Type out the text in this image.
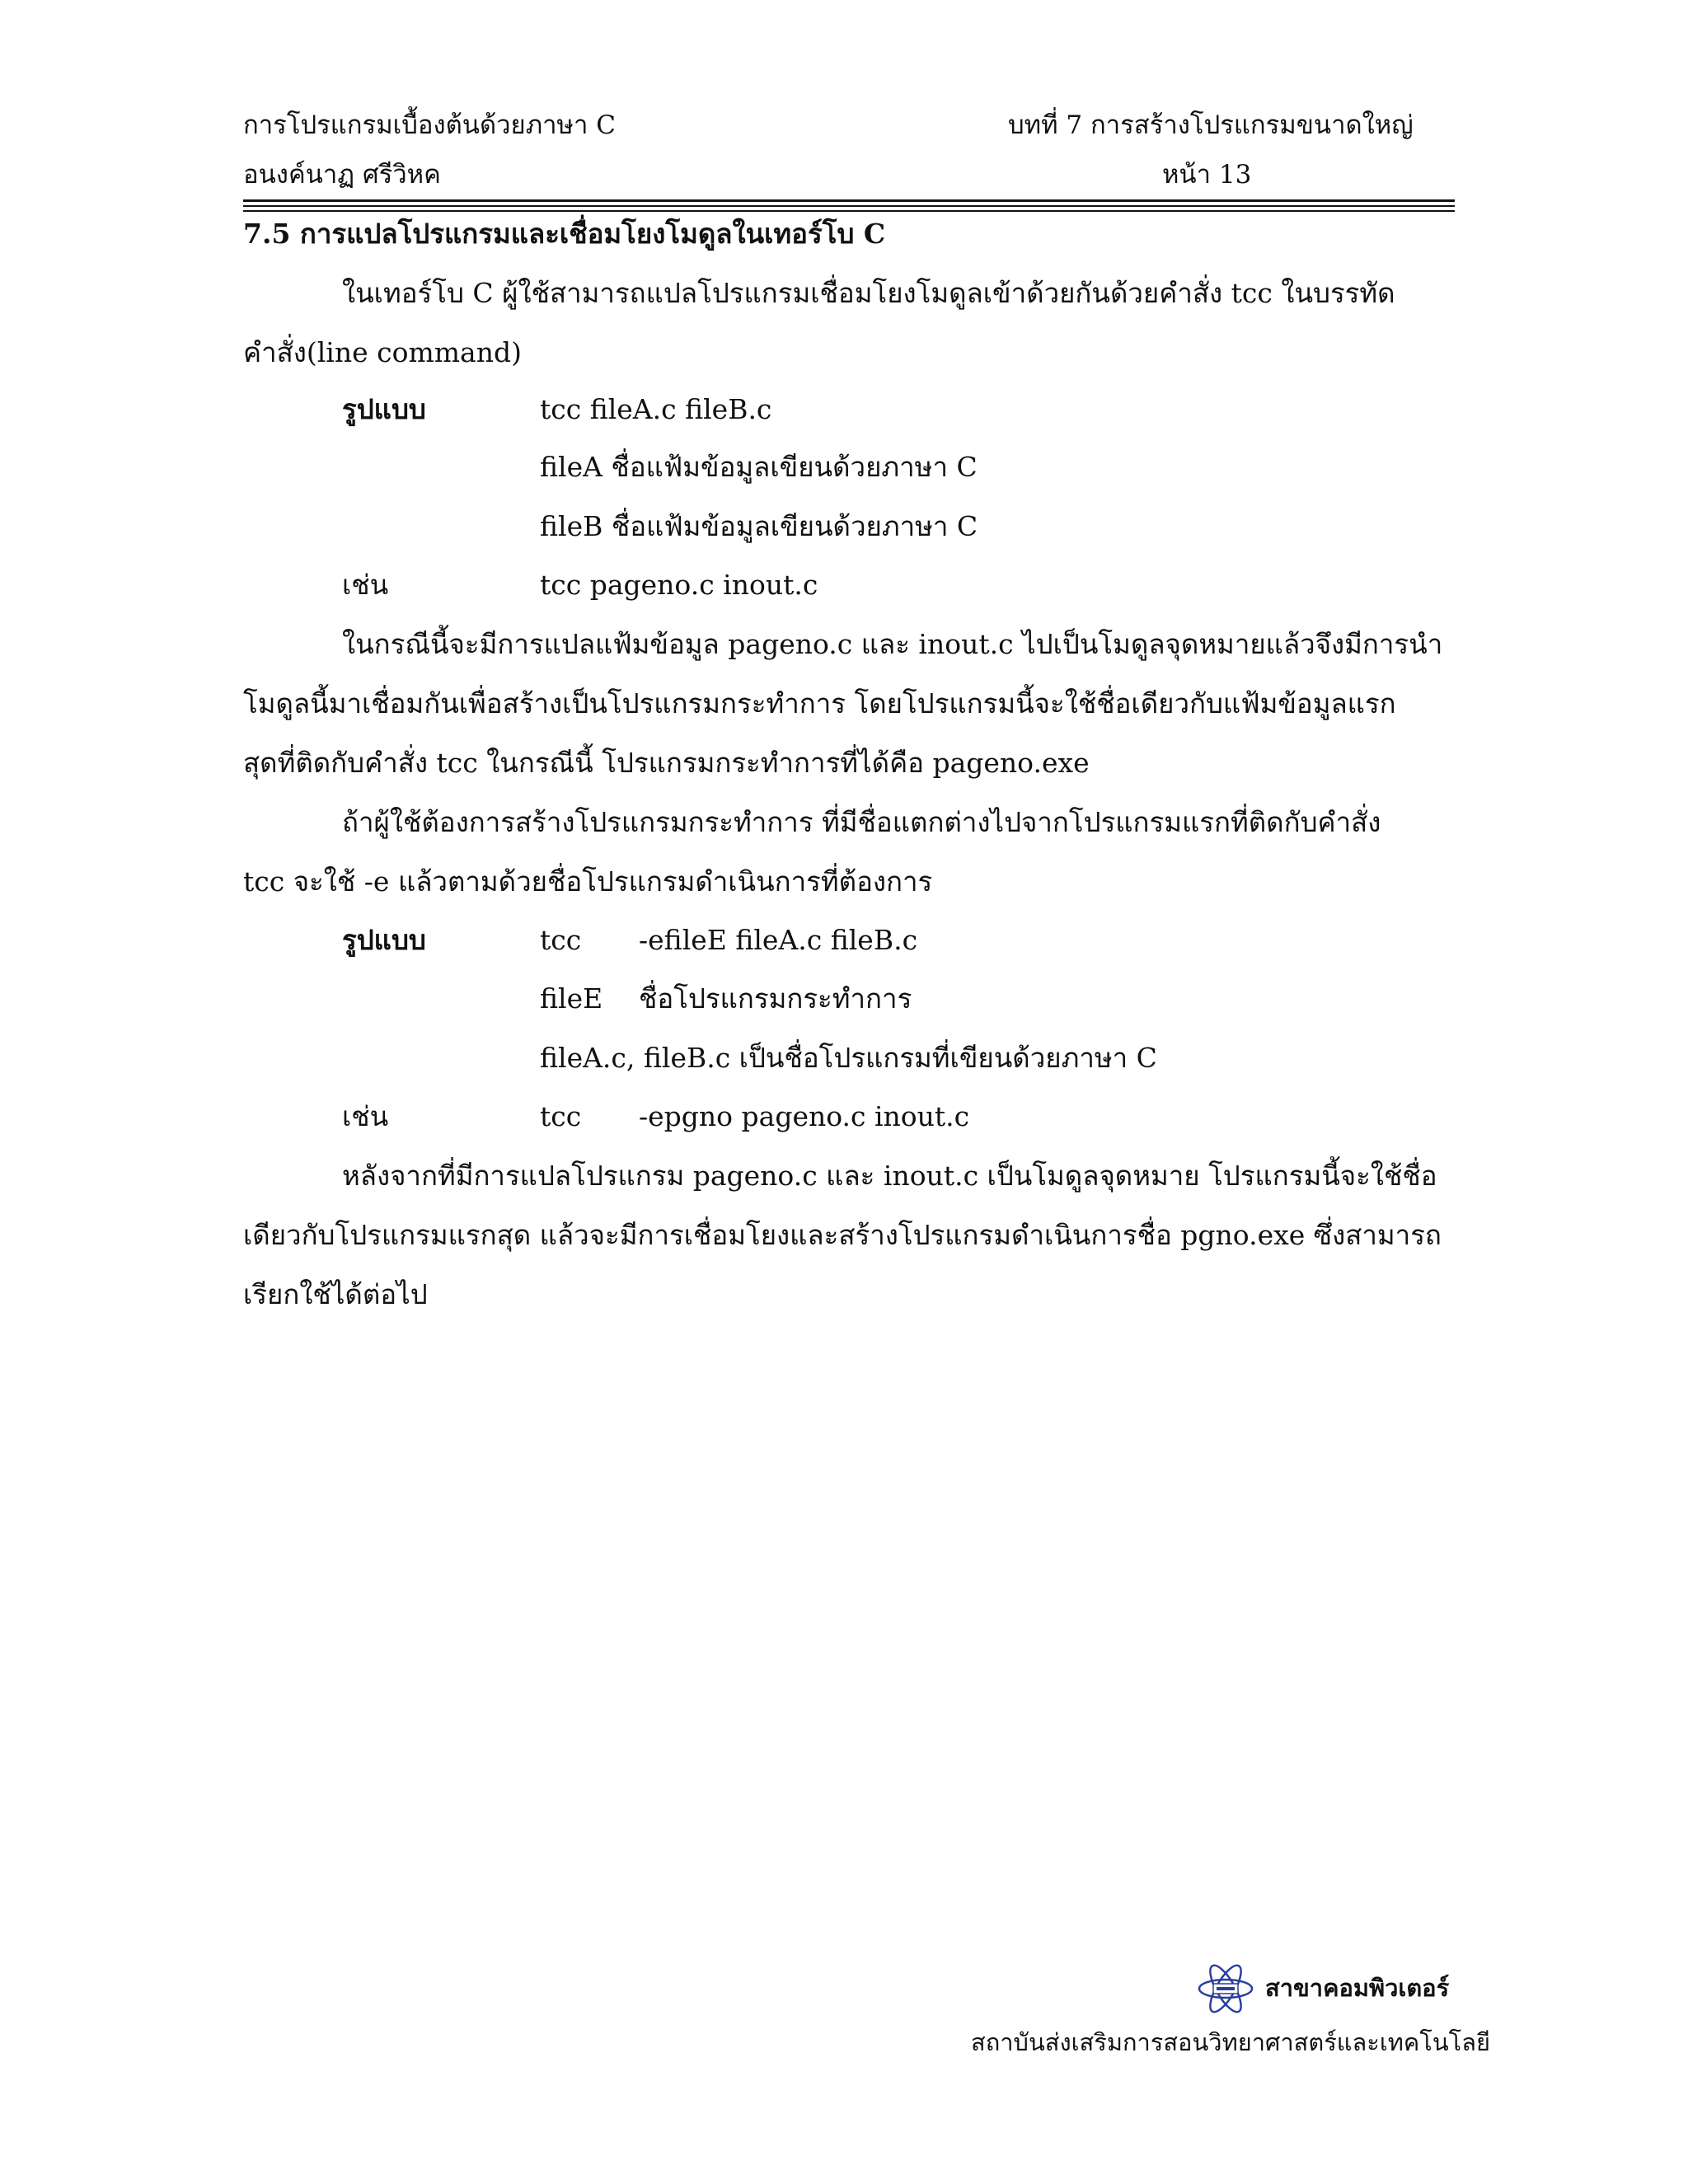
การโปรแกรมเบื้องต้นด้วยภาษา C	บทที่ 7 การสร้างโปรแกรมขนาดใหญ่
อนงค์นาฏ ศรีวิหค	หน้า 13
7.5 การแปลโปรแกรมและเชื่อมโยงโมดูลในเทอร์โบ C
ในเทอร์โบ C ผู้ใช้สามารถแปลโปรแกรมเชื่อมโยงโมดูลเข้าด้วยกันด้วยคำสั่ง tcc ในบรรทัด
คำสั่ง(line command)
รูปแบบ	tcc fileA.c fileB.c
fileA ชื่อแฟ้มข้อมูลเขียนด้วยภาษา C
fileB ชื่อแฟ้มข้อมูลเขียนด้วยภาษา C
เช่น	tcc pageno.c inout.c
ในกรณีนี้จะมีการแปลแฟ้มข้อมูล pageno.c และ inout.c ไปเป็นโมดูลจุดหมายแล้วจึงมีการนำ
โมดูลนี้มาเชื่อมกันเพื่อสร้างเป็นโปรแกรมกระทำการ โดยโปรแกรมนี้จะใช้ชื่อเดียวกับแฟ้มข้อมูลแรก
สุดที่ติดกับคำสั่ง tcc ในกรณีนี้ โปรแกรมกระทำการที่ได้คือ pageno.exe
ถ้าผู้ใช้ต้องการสร้างโปรแกรมกระทำการ ที่มีชื่อแตกต่างไปจากโปรแกรมแรกที่ติดกับคำสั่ง
tcc จะใช้ -e แล้วตามด้วยชื่อโปรแกรมดำเนินการที่ต้องการ
รูปแบบ	tcc -efileE fileA.c fileB.c
fileE ชื่อโปรแกรมกระทำการ
fileA.c, fileB.c เป็นชื่อโปรแกรมที่เขียนด้วยภาษา C
เช่น	tcc -epgno pageno.c inout.c
หลังจากที่มีการแปลโปรแกรม pageno.c และ inout.c เป็นโมดูลจุดหมาย โปรแกรมนี้จะใช้ชื่อ
เดียวกับโปรแกรมแรกสุด แล้วจะมีการเชื่อมโยงและสร้างโปรแกรมดำเนินการชื่อ pgno.exe ซึ่งสามารถ
เรียกใช้ได้ต่อไป
สาขาคอมพิวเตอร์
สถาบันส่งเสริมการสอนวิทยาศาสตร์และเทคโนโลยี
